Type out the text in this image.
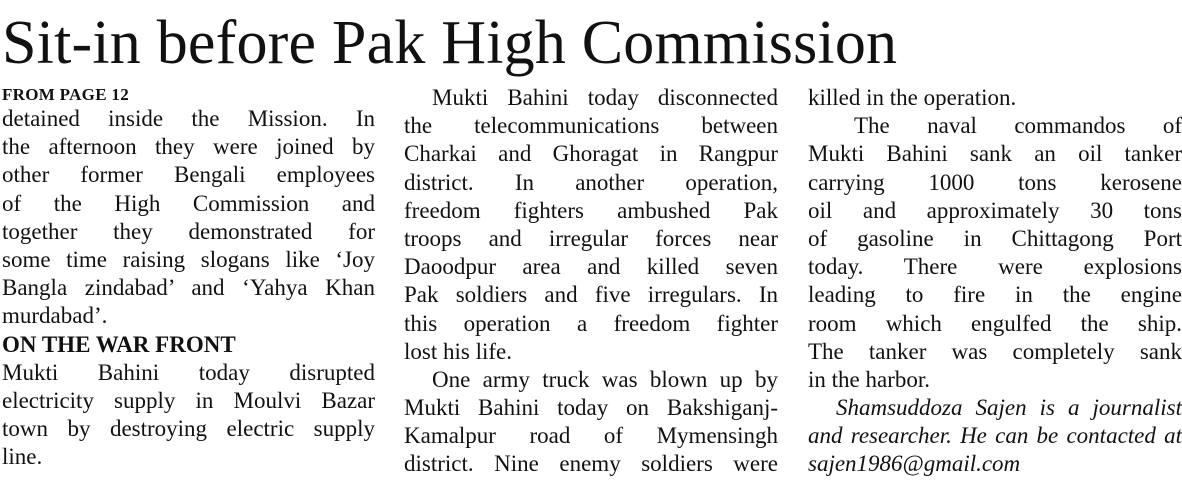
Sit-in before Pak High Commission
FROM PAGE 12
detained inside the Mission. In
the afternoon they were joined by
other former Bengali employees
of the High Commission and
together they demonstrated for
some time raising slogans like ‘Joy
Bangla zindabad’ and ‘Yahya Khan
murdabad’.
ON THE WAR FRONT
Mukti Bahini today disrupted
electricity supply in Moulvi Bazar
town by destroying electric supply
line.
Mukti Bahini today disconnected
the telecommunications between
Charkai and Ghoragat in Rangpur
district. In another operation,
freedom fighters ambushed Pak
troops and irregular forces near
Daoodpur area and killed seven
Pak soldiers and five irregulars. In
this operation a freedom fighter
lost his life.
One army truck was blown up by
Mukti Bahini today on Bakshiganj-
Kamalpur road of Mymensingh
district. Nine enemy soldiers were
killed in the operation.
The naval commandos of
Mukti Bahini sank an oil tanker
carrying 1000 tons kerosene
oil and approximately 30 tons
of gasoline in Chittagong Port
today. There were explosions
leading to fire in the engine
room which engulfed the ship.
The tanker was completely sank
in the harbor.
Shamsuddoza Sajen is a journalist
and researcher. He can be contacted at
sajen1986@gmail.com
